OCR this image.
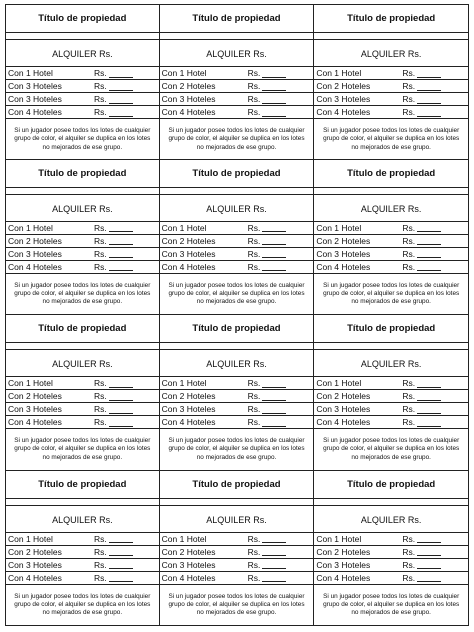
Título de propiedad
ALQUILER Rs.
Con 1 Hotel	Rs.
Con 3 Hoteles	Rs.
Con 3 Hoteles	Rs.
Con 4 Hoteles	Rs.
Si un jugador posee todos los lotes de cualquier grupo de color, el alquiler se duplica en los lotes no mejorados de ese grupo.
Título de propiedad
ALQUILER Rs.
Con 1 Hotel	Rs.
Con 2 Hoteles	Rs.
Con 3 Hoteles	Rs.
Con 4 Hoteles	Rs.
Si un jugador posee todos los lotes de cualquier grupo de color, el alquiler se duplica en los lotes no mejorados de ese grupo.
Título de propiedad
ALQUILER Rs.
Con 1 Hotel	Rs.
Con 2 Hoteles	Rs.
Con 3 Hoteles	Rs.
Con 4 Hoteles	Rs.
Si un jugador posee todos los lotes de cualquier grupo de color, el alquiler se duplica en los lotes no mejorados de ese grupo.
Título de propiedad
ALQUILER Rs.
Con 1 Hotel	Rs.
Con 2 Hoteles	Rs.
Con 3 Hoteles	Rs.
Con 4 Hoteles	Rs.
Si un jugador posee todos los lotes de cualquier grupo de color, el alquiler se duplica en los lotes no mejorados de ese grupo.
Título de propiedad
ALQUILER Rs.
Con 1 Hotel	Rs.
Con 2 Hoteles	Rs.
Con 3 Hoteles	Rs.
Con 4 Hoteles	Rs.
Si un jugador posee todos los lotes de cualquier grupo de color, el alquiler se duplica en los lotes no mejorados de ese grupo.
Título de propiedad
ALQUILER Rs.
Con 1 Hotel	Rs.
Con 2 Hoteles	Rs.
Con 3 Hoteles	Rs.
Con 4 Hoteles	Rs.
Si un jugador posee todos los lotes de cualquier grupo de color, el alquiler se duplica en los lotes no mejorados de ese grupo.
Título de propiedad
ALQUILER Rs.
Con 1 Hotel	Rs.
Con 2 Hoteles	Rs.
Con 3 Hoteles	Rs.
Con 4 Hoteles	Rs.
Si un jugador posee todos los lotes de cualquier grupo de color, el alquiler se duplica en los lotes no mejorados de ese grupo.
Título de propiedad
ALQUILER Rs.
Con 1 Hotel	Rs.
Con 2 Hoteles	Rs.
Con 3 Hoteles	Rs.
Con 4 Hoteles	Rs.
Si un jugador posee todos los lotes de cualquier grupo de color, el alquiler se duplica en los lotes no mejorados de ese grupo.
Título de propiedad
ALQUILER Rs.
Con 1 Hotel	Rs.
Con 2 Hoteles	Rs.
Con 3 Hoteles	Rs.
Con 4 Hoteles	Rs.
Si un jugador posee todos los lotes de cualquier grupo de color, el alquiler se duplica en los lotes no mejorados de ese grupo.
Título de propiedad
ALQUILER Rs.
Con 1 Hotel	Rs.
Con 2 Hoteles	Rs.
Con 3 Hoteles	Rs.
Con 4 Hoteles	Rs.
Si un jugador posee todos los lotes de cualquier grupo de color, el alquiler se duplica en los lotes no mejorados de ese grupo.
Título de propiedad
ALQUILER Rs.
Con 1 Hotel	Rs.
Con 2 Hoteles	Rs.
Con 3 Hoteles	Rs.
Con 4 Hoteles	Rs.
Si un jugador posee todos los lotes de cualquier grupo de color, el alquiler se duplica en los lotes no mejorados de ese grupo.
Título de propiedad
ALQUILER Rs.
Con 1 Hotel	Rs.
Con 2 Hoteles	Rs.
Con 3 Hoteles	Rs.
Con 4 Hoteles	Rs.
Si un jugador posee todos los lotes de cualquier grupo de color, el alquiler se duplica en los lotes no mejorados de ese grupo.
